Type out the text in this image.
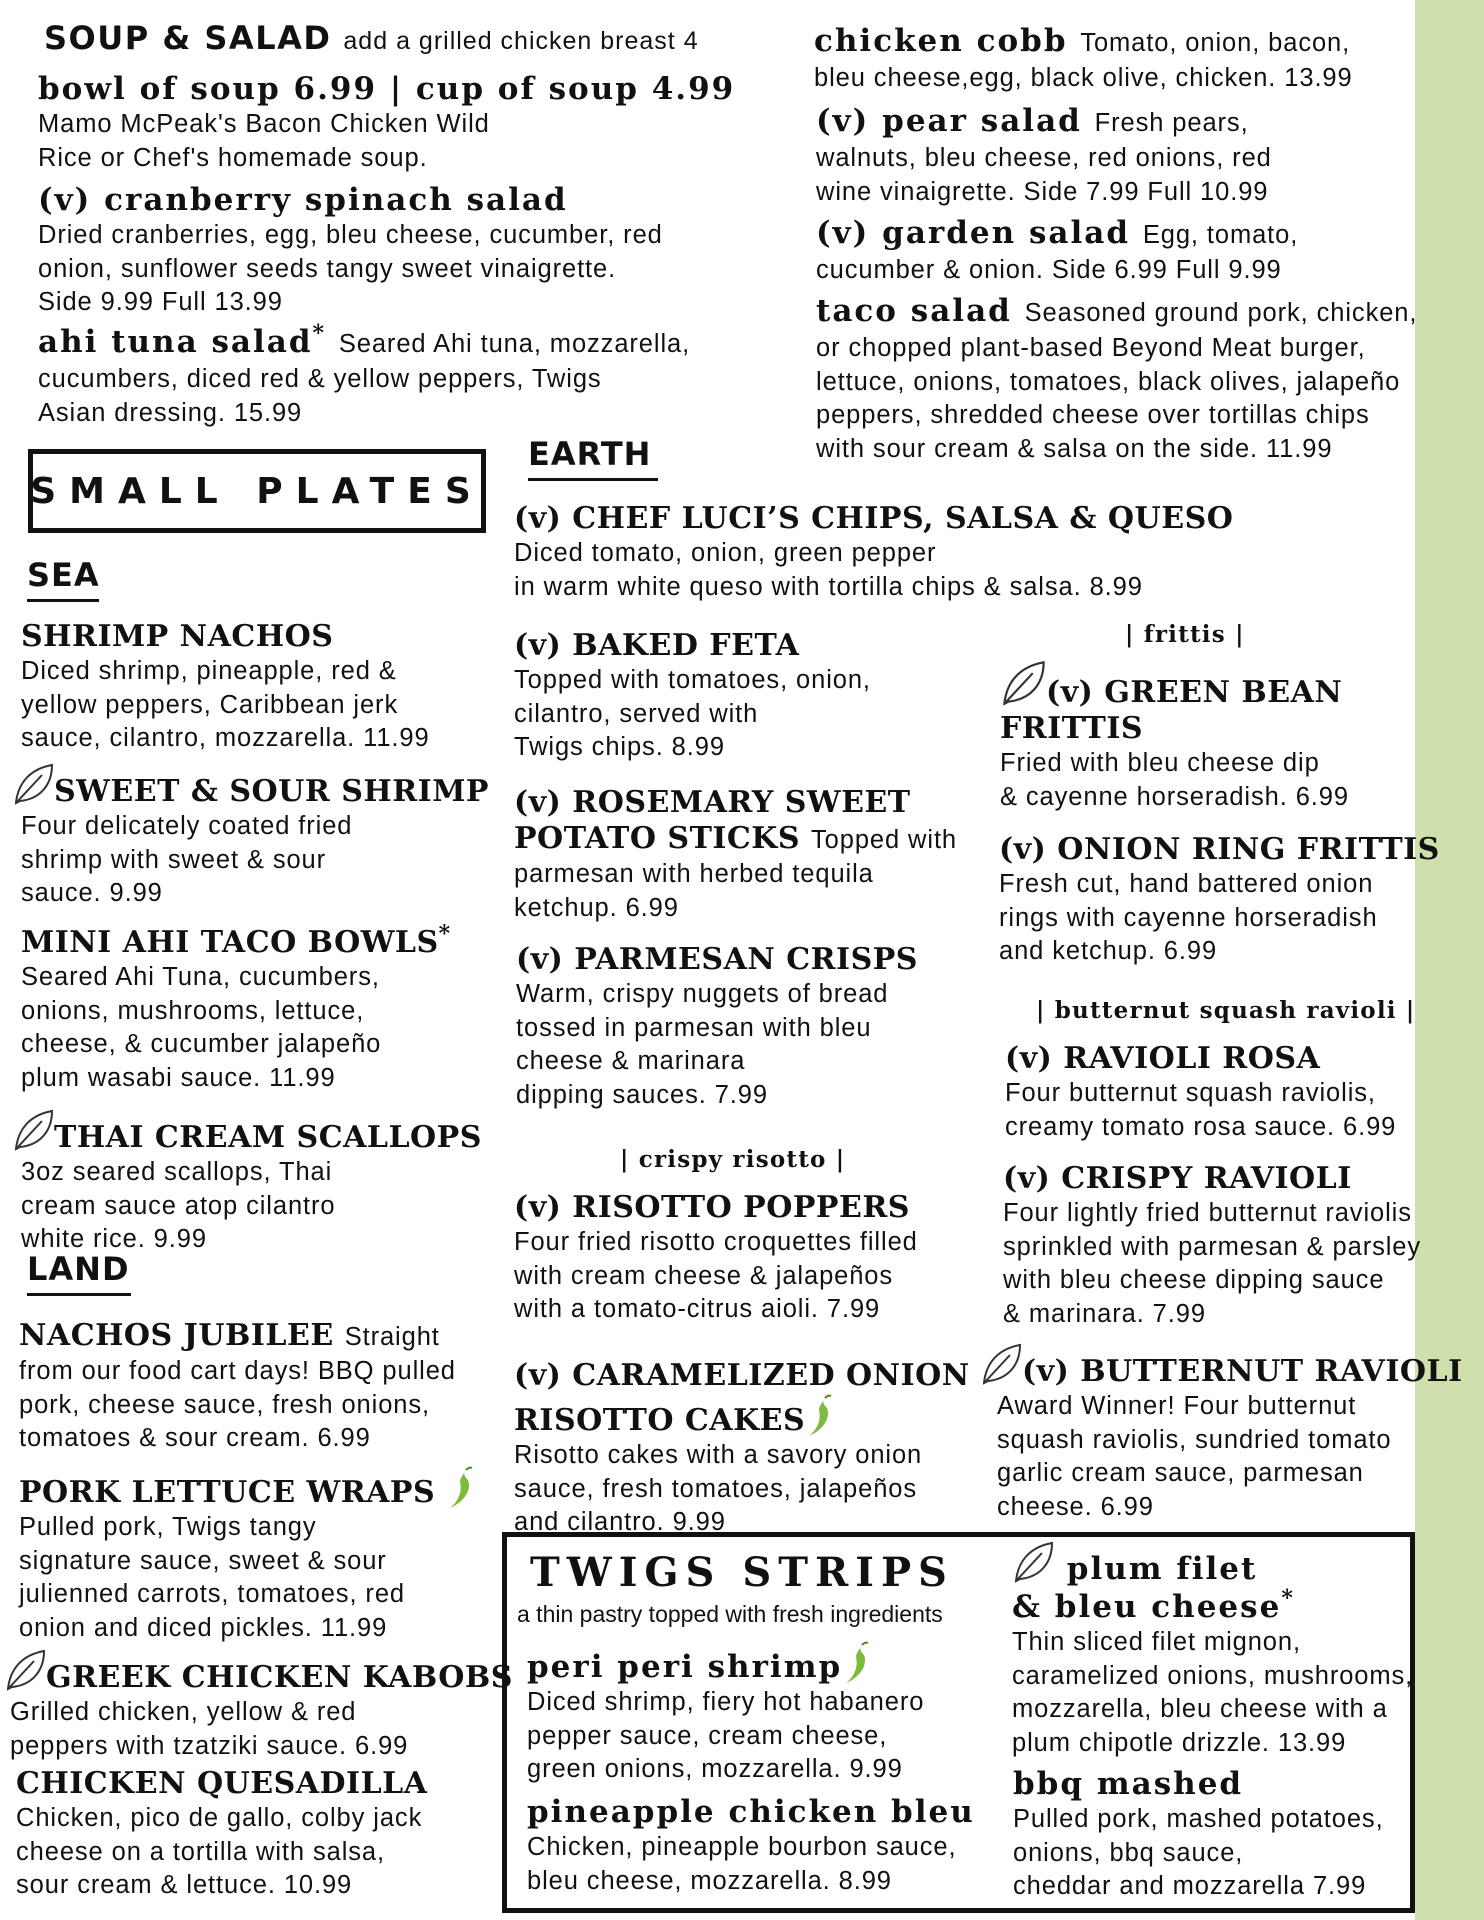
SOUP & SALAD add a grilled chicken breast 4
bowl of soup 6.99 | cup of soup 4.99
Mamo McPeak's Bacon Chicken Wild
Rice or Chef's homemade soup.
(v) cranberry spinach salad
Dried cranberries, egg, bleu cheese, cucumber, red
onion, sunflower seeds tangy sweet vinaigrette.
Side 9.99 Full 13.99
ahi tuna salad* Seared Ahi tuna, mozzarella,
cucumbers, diced red & yellow peppers, Twigs
Asian dressing. 15.99
chicken cobb Tomato, onion, bacon,
bleu cheese,egg, black olive, chicken. 13.99
(v) pear salad Fresh pears,
walnuts, bleu cheese, red onions, red
wine vinaigrette. Side 7.99 Full 10.99
(v) garden salad Egg, tomato,
cucumber & onion. Side 6.99 Full 9.99
taco salad Seasoned ground pork, chicken,
or chopped plant-based Beyond Meat burger,
lettuce, onions, tomatoes, black olives, jalapeño
peppers, shredded cheese over tortillas chips
with sour cream & salsa on the side. 11.99
SMALL PLATES
SEA
SHRIMP NACHOS
Diced shrimp, pineapple, red &
yellow peppers, Caribbean jerk
sauce, cilantro, mozzarella. 11.99
SWEET & SOUR SHRIMP
Four delicately coated fried
shrimp with sweet & sour
sauce. 9.99
MINI AHI TACO BOWLS*
Seared Ahi Tuna, cucumbers,
onions, mushrooms, lettuce,
cheese, & cucumber jalapeño
plum wasabi sauce. 11.99
THAI CREAM SCALLOPS
3oz seared scallops, Thai
cream sauce atop cilantro
white rice. 9.99
LAND
NACHOS JUBILEE Straight
from our food cart days! BBQ pulled
pork, cheese sauce, fresh onions,
tomatoes & sour cream. 6.99
PORK LETTUCE WRAPS
Pulled pork, Twigs tangy
signature sauce, sweet & sour
julienned carrots, tomatoes, red
onion and diced pickles. 11.99
GREEK CHICKEN KABOBS
Grilled chicken, yellow & red
peppers with tzatziki sauce. 6.99
CHICKEN QUESADILLA
Chicken, pico de gallo, colby jack
cheese on a tortilla with salsa,
sour cream & lettuce. 10.99
EARTH
(v) CHEF LUCI’S CHIPS, SALSA & QUESO
Diced tomato, onion, green pepper
in warm white queso with tortilla chips & salsa. 8.99
(v) BAKED FETA
Topped with tomatoes, onion,
cilantro, served with
Twigs chips. 8.99
(v) ROSEMARY SWEET
POTATO STICKS Topped with
parmesan with herbed tequila
ketchup. 6.99
(v) PARMESAN CRISPS
Warm, crispy nuggets of bread
tossed in parmesan with bleu
cheese & marinara
dipping sauces. 7.99
| crispy risotto |
(v) RISOTTO POPPERS
Four fried risotto croquettes filled
with cream cheese & jalapeños
with a tomato-citrus aioli. 7.99
(v) CARAMELIZED ONION
RISOTTO CAKES
Risotto cakes with a savory onion
sauce, fresh tomatoes, jalapeños
and cilantro. 9.99
| frittis |
(v) GREEN BEAN
FRITTIS
Fried with bleu cheese dip
& cayenne horseradish. 6.99
(v) ONION RING FRITTIS
Fresh cut, hand battered onion
rings with cayenne horseradish
and ketchup. 6.99
| butternut squash ravioli |
(v) RAVIOLI ROSA
Four butternut squash raviolis,
creamy tomato rosa sauce. 6.99
(v) CRISPY RAVIOLI
Four lightly fried butternut raviolis
sprinkled with parmesan & parsley
with bleu cheese dipping sauce
& marinara. 7.99
(v) BUTTERNUT RAVIOLI
Award Winner! Four butternut
squash raviolis, sundried tomato
garlic cream sauce, parmesan
cheese. 6.99
TWIGS STRIPS
a thin pastry topped with fresh ingredients
peri peri shrimp
Diced shrimp, fiery hot habanero
pepper sauce, cream cheese,
green onions, mozzarella. 9.99
pineapple chicken bleu
Chicken, pineapple bourbon sauce,
bleu cheese, mozzarella. 8.99
plum filet
& bleu cheese*
Thin sliced filet mignon,
caramelized onions, mushrooms,
mozzarella, bleu cheese with a
plum chipotle drizzle. 13.99
bbq mashed
Pulled pork, mashed potatoes,
onions, bbq sauce,
cheddar and mozzarella 7.99
